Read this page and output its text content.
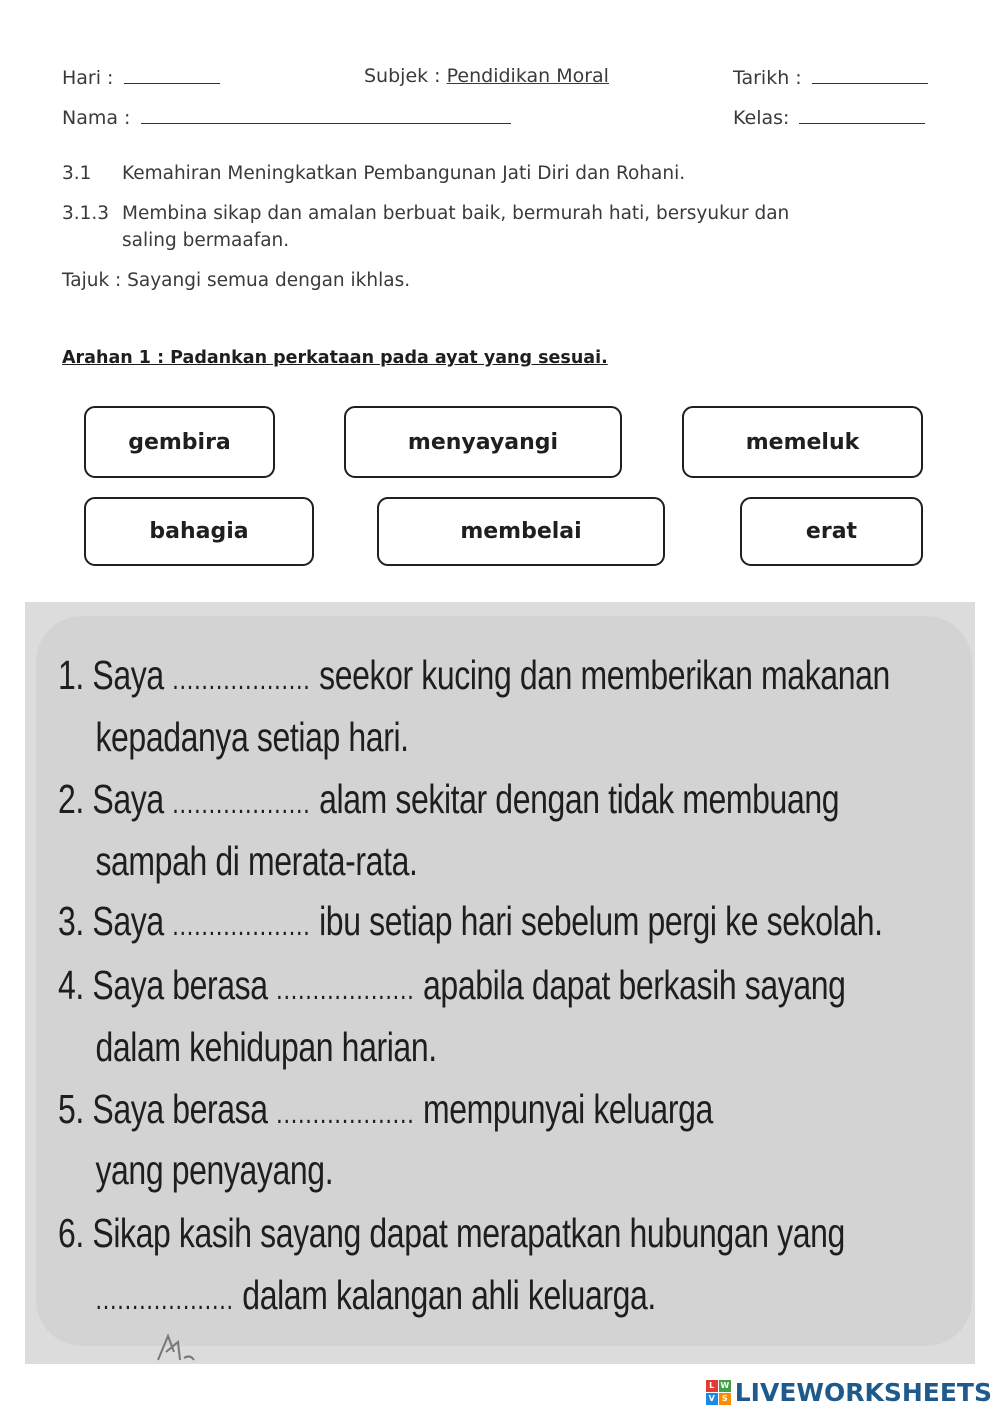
Hari :	Subjek : Pendidikan Moral	Tarikh :
Nama :	Kelas:
3.1 Kemahiran Meningkatkan Pembangunan Jati Diri dan Rohani.
3.1.3 Membina sikap dan amalan berbuat baik, bermurah hati, bersyukur dan
saling bermaafan.
Tajuk : Sayangi semua dengan ikhlas.
Arahan 1 : Padankan perkataan pada ayat yang sesuai.
gembira	menyayangi	memeluk
bahagia	membelai	erat
1. Saya ................... seekor kucing dan memberikan makanan
kepadanya setiap hari.
2. Saya ................... alam sekitar dengan tidak membuang
sampah di merata-rata.
3. Saya ................... ibu setiap hari sebelum pergi ke sekolah.
4. Saya berasa ................... apabila dapat berkasih sayang
dalam kehidupan harian.
5. Saya berasa ................... mempunyai keluarga
yang penyayang.
6. Sikap kasih sayang dapat merapatkan hubungan yang
................... dalam kalangan ahli keluarga.
L W
V S LIVEWORKSHEETS
